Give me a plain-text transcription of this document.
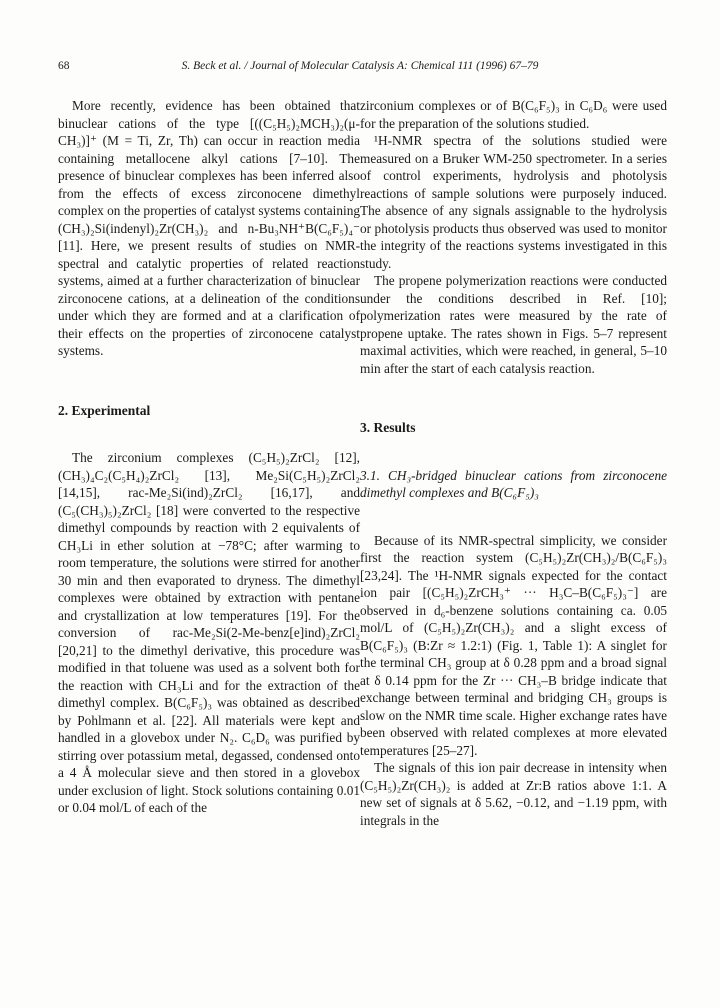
68	S. Beck et al. / Journal of Molecular Catalysis A: Chemical 111 (1996) 67–79

More recently, evidence has been obtained that binuclear cations of the type [((C₅H₅)₂MCH₃)₂(μ-CH₃)]⁺ (M = Ti, Zr, Th) can occur in reaction media containing metallocene alkyl cations [7–10]. The presence of binuclear complexes has been inferred also from the effects of excess zirconocene dimethyl complex on the properties of catalyst systems containing (CH₃)₂Si(indenyl)₂Zr(CH₃)₂ and n-Bu₃NH⁺B(C₆F₅)₄⁻ [11]. Here, we present results of studies on NMR-spectral and catalytic properties of related reaction systems, aimed at a further characterization of binuclear zirconocene cations, at a delineation of the conditions under which they are formed and at a clarification of their effects on the properties of zirconocene catalyst systems.

2. Experimental

The zirconium complexes (C₅H₅)₂ZrCl₂ [12], (CH₃)₄C₂(C₅H₄)₂ZrCl₂ [13], Me₂Si(C₅H₅)₂ZrCl₂ [14,15], rac-Me₂Si(ind)₂ZrCl₂ [16,17], and (C₅(CH₃)₅)₂ZrCl₂ [18] were converted to the respective dimethyl compounds by reaction with 2 equivalents of CH₃Li in ether solution at −78°C; after warming to room temperature, the solutions were stirred for another 30 min and then evaporated to dryness. The dimethyl complexes were obtained by extraction with pentane and crystallization at low temperatures [19]. For the conversion of rac-Me₂Si(2-Me-benz[e]ind)₂ZrCl₂ [20,21] to the dimethyl derivative, this procedure was modified in that toluene was used as a solvent both for the reaction with CH₃Li and for the extraction of the dimethyl complex. B(C₆F₅)₃ was obtained as described by Pohlmann et al. [22]. All materials were kept and handled in a glovebox under N₂. C₆D₆ was purified by stirring over potassium metal, degassed, condensed onto a 4 Å molecular sieve and then stored in a glovebox under exclusion of light. Stock solutions containing 0.01 or 0.04 mol/L of each of the

zirconium complexes or of B(C₆F₅)₃ in C₆D₆ were used for the preparation of the solutions studied.

¹H-NMR spectra of the solutions studied were measured on a Bruker WM-250 spectrometer. In a series of control experiments, hydrolysis and photolysis reactions of sample solutions were purposely induced. The absence of any signals assignable to the hydrolysis or photolysis products thus observed was used to monitor the integrity of the reactions systems investigated in this study.

The propene polymerization reactions were conducted under the conditions described in Ref. [10]; polymerization rates were measured by the rate of propene uptake. The rates shown in Figs. 5–7 represent maximal activities, which were reached, in general, 5–10 min after the start of each catalysis reaction.

3. Results
3.1. CH₃-bridged binuclear cations from zirconocene dimethyl complexes and B(C₆F₅)₃

Because of its NMR-spectral simplicity, we consider first the reaction system (C₅H₅)₂Zr(CH₃)₂/B(C₆F₅)₃ [23,24]. The ¹H-NMR signals expected for the contact ion pair [(C₅H₅)₂ZrCH₃⁺ ··· H₃C–B(C₆F₅)₃⁻] are observed in d₆-benzene solutions containing ca. 0.05 mol/L of (C₅H₅)₂Zr(CH₃)₂ and a slight excess of B(C₆F₅)₃ (B:Zr ≈ 1.2:1) (Fig. 1, Table 1): A singlet for the terminal CH₃ group at δ 0.28 ppm and a broad signal at δ 0.14 ppm for the Zr ··· CH₃–B bridge indicate that exchange between terminal and bridging CH₃ groups is slow on the NMR time scale. Higher exchange rates have been observed with related complexes at more elevated temperatures [25–27].

The signals of this ion pair decrease in intensity when (C₅H₅)₂Zr(CH₃)₂ is added at Zr:B ratios above 1:1. A new set of signals at δ 5.62, −0.12, and −1.19 ppm, with integrals in the
